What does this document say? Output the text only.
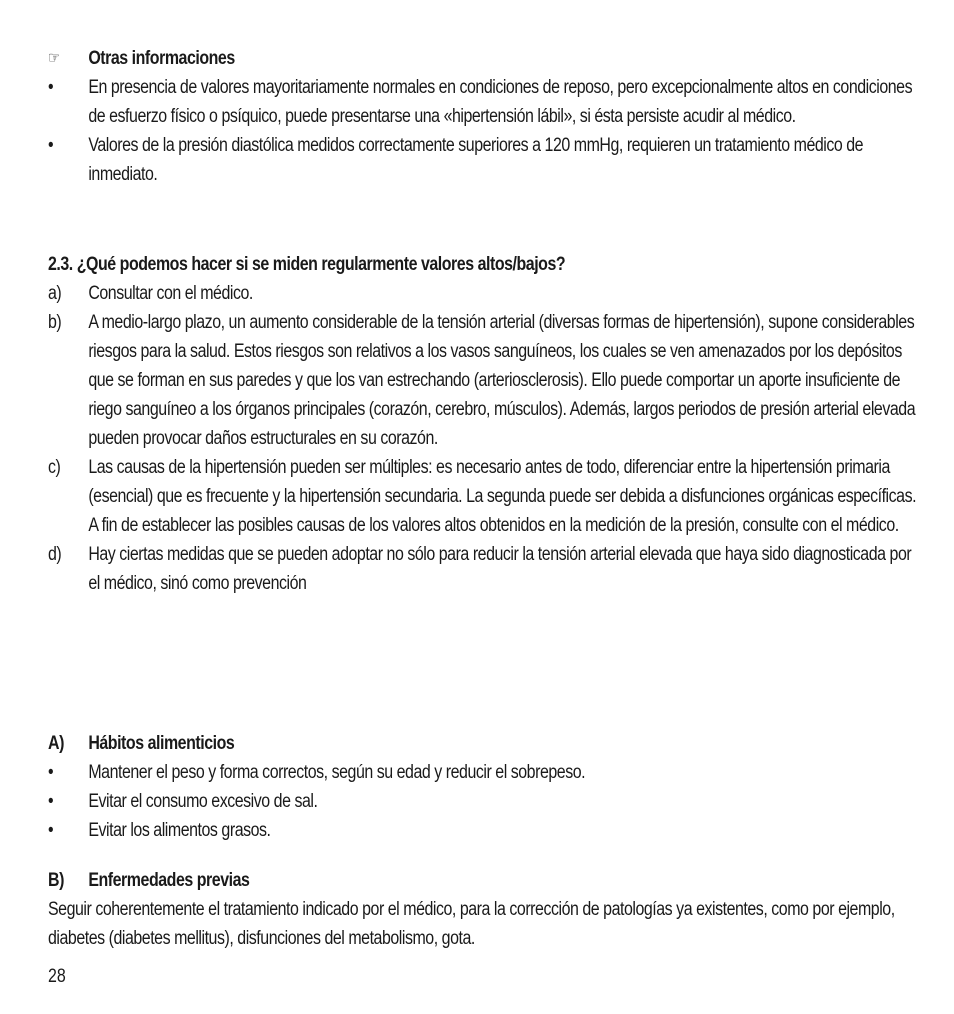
☞	Otras informaciones
•	En presencia de valores mayoritariamente normales en condiciones de reposo, pero excepcionalmente altos en condiciones de esfuerzo físico o psíquico, puede presentarse una «hipertensión lábil», si ésta persiste acudir al médico.
•	Valores de la presión diastólica medidos correctamente superiores a 120 mmHg, requieren un tratamiento médico de inmediato.
2.3.
¿Qué podemos hacer si se miden regularmente valores altos/bajos?
a)	Consultar con el médico.
b)	A medio-largo plazo, un aumento considerable de la tensión arterial (diversas formas de hipertensión), supone considerables riesgos para la salud. Estos riesgos son relativos a los vasos sanguíneos, los cuales se ven amenazados por los depósitos que se forman en sus paredes y que los van estrechando (arteriosclerosis). Ello puede comportar un aporte insuficiente de riego sanguíneo a los órganos principales (corazón, cerebro, músculos). Además, largos periodos de presión arterial elevada pueden provocar daños estructurales en su corazón.
c)	Las causas de la hipertensión pueden ser múltiples: es necesario antes de todo, diferenciar entre la hipertensión primaria (esencial) que es frecuente y la hipertensión secundaria. La segunda puede ser debida a disfunciones orgánicas específicas. A fin de establecer las posibles causas de los valores altos obtenidos en la medición de la presión, consulte con el médico.
d)	Hay ciertas medidas que se pueden adoptar no sólo para reducir la tensión arterial elevada que haya sido diagnosticada por el médico, sinó como prevención
A)	Hábitos alimenticios
•	Mantener el peso y forma correctos, según su edad y reducir el sobrepeso.
•	Evitar el consumo excesivo de sal.
•	Evitar los alimentos grasos.
B)	Enfermedades previas
Seguir coherentemente el tratamiento indicado por el médico, para la corrección de patologías ya existentes, como por ejemplo, diabetes (diabetes mellitus), disfunciones del metabolismo, gota.
28
